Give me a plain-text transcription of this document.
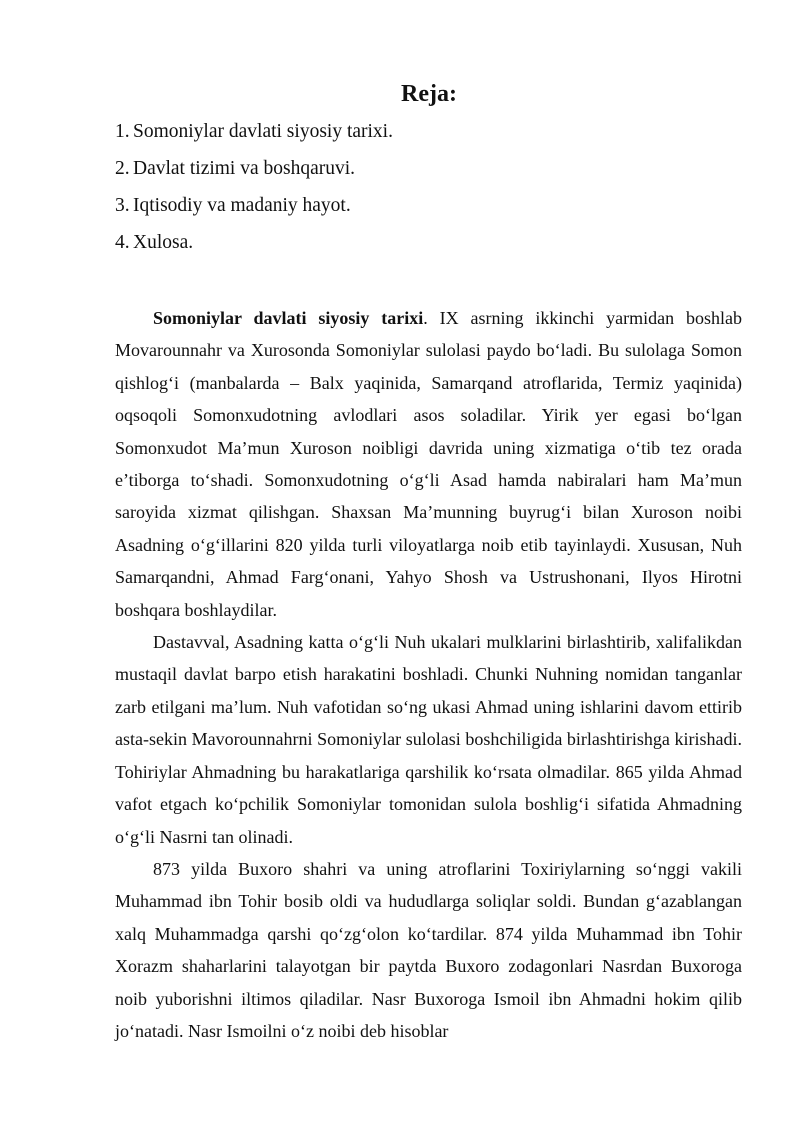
Reja:
1. Somoniylar davlati siyosiy tarixi.
2. Davlat tizimi va boshqaruvi.
3. Iqtisodiy va madaniy hayot.
4. Xulosa.

Somoniylar davlati siyosiy tarixi. IX asrning ikkinchi yarmidan boshlab Movarounnahr va Xurosonda Somoniylar sulolasi paydo bo‘ladi. Bu sulolaga Somon qishlog‘i (manbalarda – Balx yaqinida, Samarqand atroflarida, Termiz yaqinida) oqsoqoli Somonxudotning avlodlari asos soladilar. Yirik yer egasi bo‘lgan Somonxudot Ma’mun Xuroson noibligi davrida uning xizmatiga o‘tib tez orada e’tiborga to‘shadi. Somonxudotning o‘g‘li Asad hamda nabiralari ham Ma’mun saroyida xizmat qilishgan. Shaxsan Ma’munning buyrug‘i bilan Xuroson noibi Asadning o‘g‘illarini 820 yilda turli viloyatlarga noib etib tayinlaydi. Xususan, Nuh Samarqandni, Ahmad Farg‘onani, Yahyo Shosh va Ustrushonani, Ilyos Hirotni boshqara boshlaydilar.

Dastavval, Asadning katta o‘g‘li Nuh ukalari mulklarini birlashtirib, xalifalikdan mustaqil davlat barpo etish harakatini boshladi. Chunki Nuhning nomidan tanganlar zarb etilgani ma’lum. Nuh vafotidan so‘ng ukasi Ahmad uning ishlarini davom ettirib asta-sekin Mavorounnahrni Somoniylar sulolasi boshchiligida birlashtirishga kirishadi. Tohiriylar Ahmadning bu harakatlariga qarshilik ko‘rsata olmadilar. 865 yilda Ahmad vafot etgach ko‘pchilik Somoniylar tomonidan sulola boshlig‘i sifatida Ahmadning o‘g‘li Nasrni tan olinadi.

873 yilda Buxoro shahri va uning atroflarini Toxiriylarning so‘nggi vakili Muhammad ibn Tohir bosib oldi va hududlarga soliqlar soldi. Bundan g‘azablangan xalq Muhammadga qarshi qo‘zg‘olon ko‘tardilar. 874 yilda Muhammad ibn Tohir Xorazm shaharlarini talayotgan bir paytda Buxoro zodagonlari Nasrdan Buxoroga noib yuborishni iltimos qiladilar. Nasr Buxoroga Ismoil ibn Ahmadni hokim qilib jo‘natadi. Nasr Ismoilni o‘z noibi deb hisoblar
